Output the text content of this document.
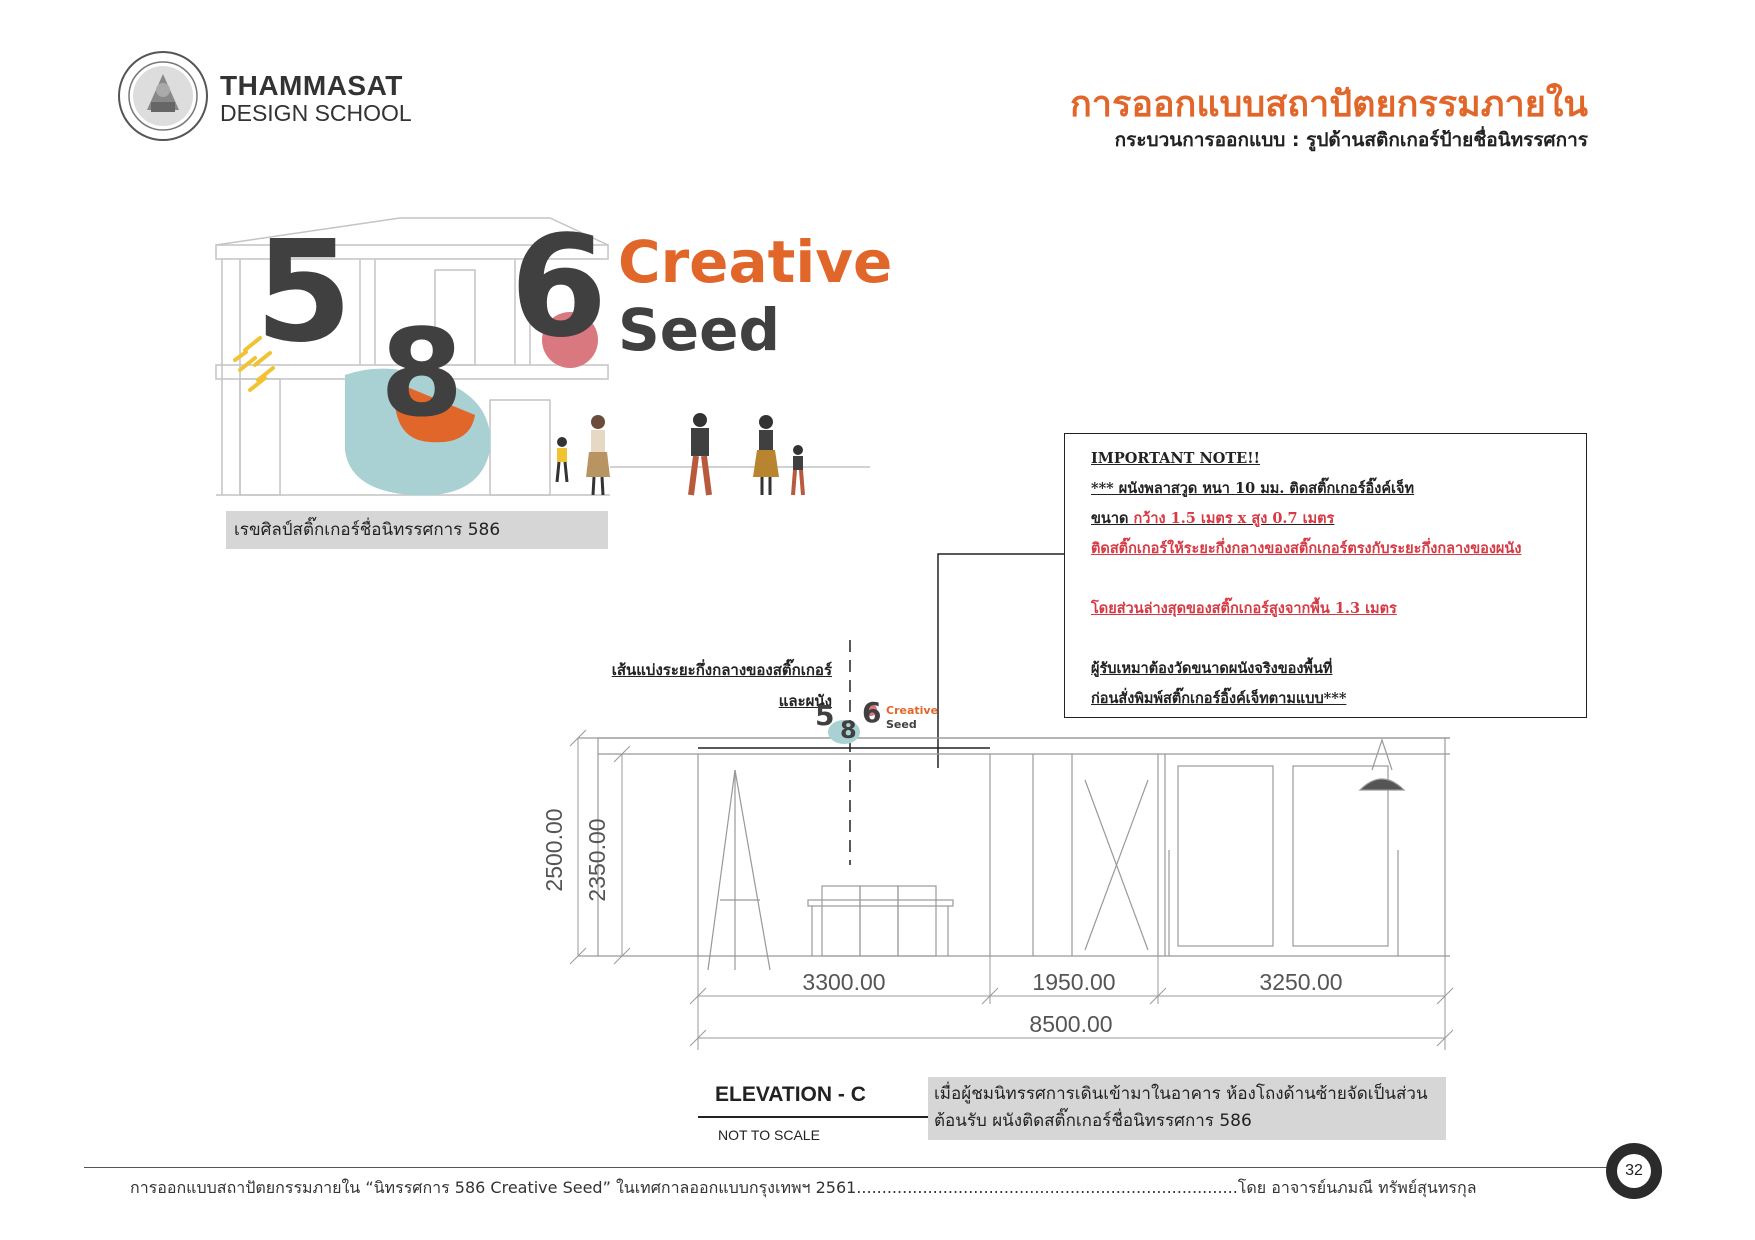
THAMMASAT
DESIGN SCHOOL	การออกแบบสถาปัตยกรรมภายใน
กระบวนการออกแบบ : รูปด้านสติกเกอร์ป้ายชื่อนิทรรศการ
5
8
6 Creative
Seed
เรขศิลป์สติ๊กเกอร์ชื่อนิทรรศการ 586
IMPORTANT NOTE!!
*** ผนังพลาสวูด หนา 10 มม. ติดสติ๊กเกอร์อิ๊งค์เจ็ท
ขนาด กว้าง 1.5 เมตร x สูง 0.7 เมตร
ติดสติ๊กเกอร์ให้ระยะกึ่งกลางของสติ๊กเกอร์ตรงกับระยะกึ่งกลางของผนัง
โดยส่วนล่างสุดของสติ๊กเกอร์สูงจากพื้น 1.3 เมตร
ผู้รับเหมาต้องวัดขนาดผนังจริงของพื้นที่
ก่อนสั่งพิมพ์สติ๊กเกอร์อิ๊งค์เจ็ทตามแบบ***
เส้นแบ่งระยะกึ่งกลางของสติ๊กเกอร์
และผนัง
5 8
6 Creative
Seed
2500.00 2350.00
3300.00	1950.00	3250.00
8500.00
ELEVATION - C
NOT TO SCALE
เมื่อผู้ชมนิทรรศการเดินเข้ามาในอาคาร ห้องโถงด้านซ้ายจัดเป็นส่วนต้อนรับ ผนังติดสติ๊กเกอร์ชื่อนิทรรศการ 586
การออกแบบสถาปัตยกรรมภายใน “นิทรรศการ 586 Creative Seed” ในเทศกาลออกแบบกรุงเทพฯ 2561...........................................................................โดย อาจารย์นภมณี ทรัพย์สุนทรกุล
32
